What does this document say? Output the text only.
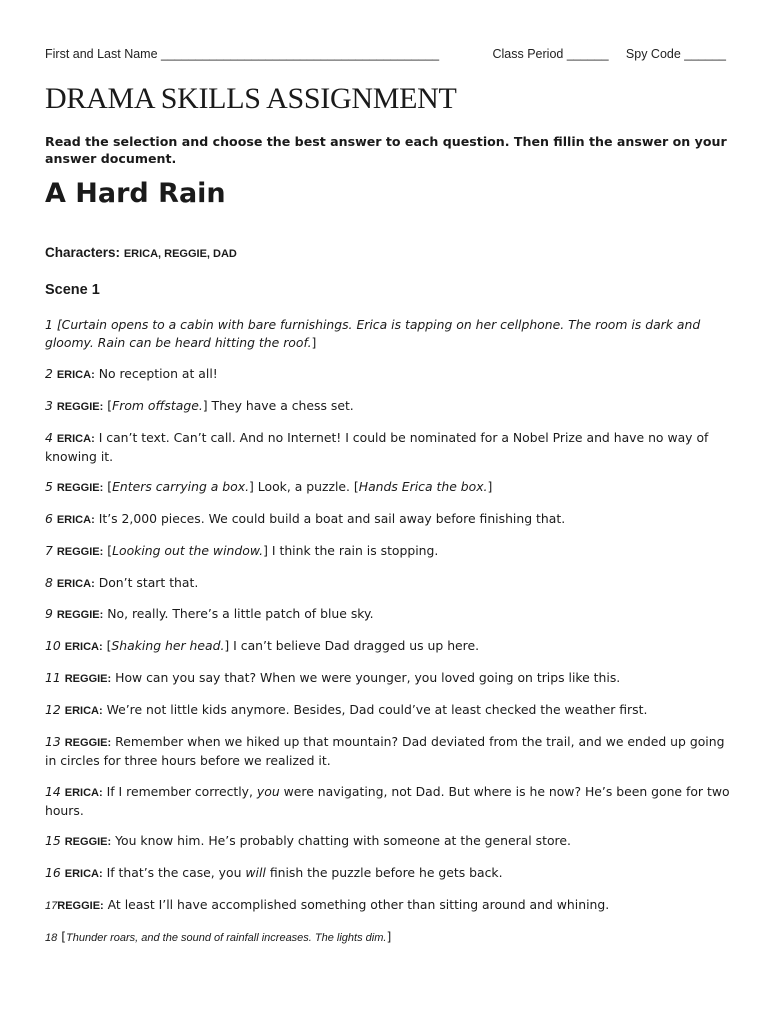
First and Last Name ________________________________________	Class Period ______ Spy Code ______
DRAMA SKILLS ASSIGNMENT
Read the selection and choose the best answer to each question. Then fillin the answer on your answer document.
A Hard Rain
Characters: ERICA, REGGIE, DAD
Scene 1
1 [Curtain opens to a cabin with bare furnishings. Erica is tapping on her cellphone. The room is dark and gloomy. Rain can be heard hitting the roof.]
2 ERICA: No reception at all!
3 REGGIE: [From offstage.] They have a chess set.
4 ERICA: I can’t text. Can’t call. And no Internet! I could be nominated for a Nobel Prize and have no way of knowing it.
5 REGGIE: [Enters carrying a box.] Look, a puzzle. [Hands Erica the box.]
6 ERICA: It’s 2,000 pieces. We could build a boat and sail away before finishing that.
7 REGGIE: [Looking out the window.] I think the rain is stopping.
8 ERICA: Don’t start that.
9 REGGIE: No, really. There’s a little patch of blue sky.
10 ERICA: [Shaking her head.] I can’t believe Dad dragged us up here.
11 REGGIE: How can you say that? When we were younger, you loved going on trips like this.
12 ERICA: We’re not little kids anymore. Besides, Dad could’ve at least checked the weather first.
13 REGGIE: Remember when we hiked up that mountain? Dad deviated from the trail, and we ended up going in circles for three hours before we realized it.
14 ERICA: If I remember correctly, you were navigating, not Dad. But where is he now? He’s been gone for two hours.
15 REGGIE: You know him. He’s probably chatting with someone at the general store.
16 ERICA: If that’s the case, you will finish the puzzle before he gets back.
17REGGIE: At least I’ll have accomplished something other than sitting around and whining.
18 [Thunder roars, and the sound of rainfall increases. The lights dim.]
